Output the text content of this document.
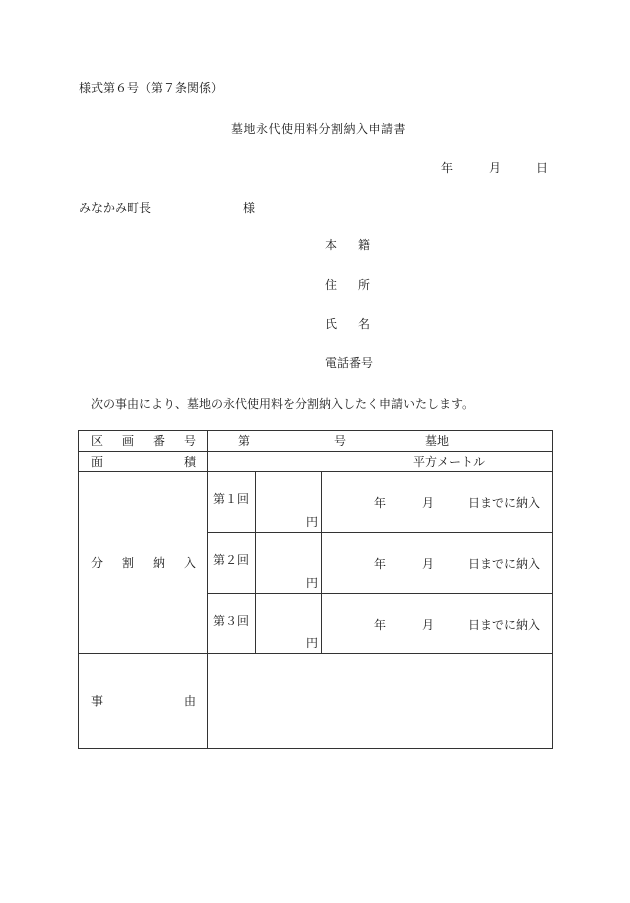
様式第６号（第７条関係）
墓地永代使用料分割納入申請書
年	月	日
みなかみ町長	様
本 籍
住 所
氏 名
電話番号
次の事由により、墓地の永代使用料を分割納入したく申請いたします。
区 画 番 号	第 号 墓地		

面 積	平方メートル		

分 割 納 入	第１回	円	年 月 日までに納入

	第２回	円	年 月 日までに納入

	第３回	円	年 月 日までに納入

事 由			
